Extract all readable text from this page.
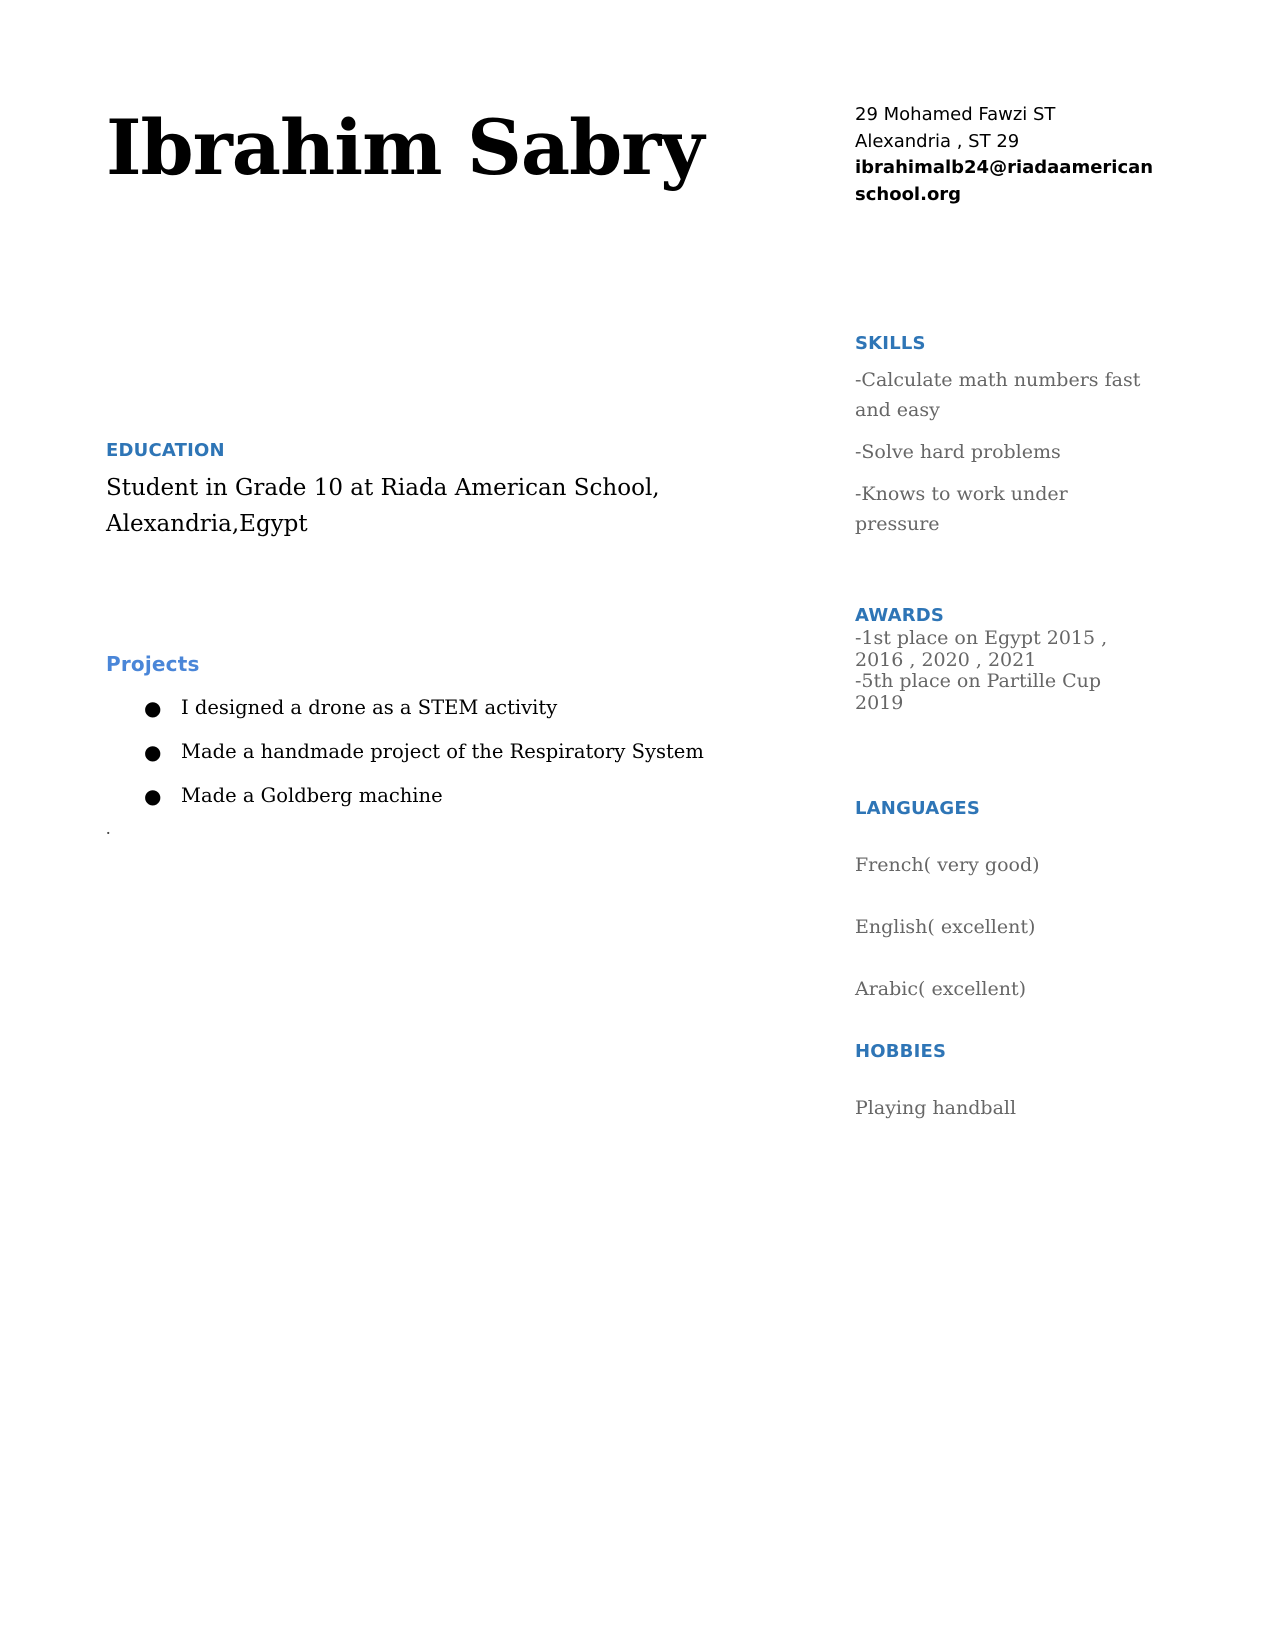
Ibrahim Sabry	29 Mohamed Fawzi ST
Alexandria , ST 29
ibrahimalb24@riadaamerican
school.org
EDUCATION
Student in Grade 10 at Riada American School,
Alexandria,Egypt
Projects
● I designed a drone as a STEM activity
● Made a handmade project of the Respiratory System
● Made a Goldberg machine
.
SKILLS
-Calculate math numbers fast and easy
-Solve hard problems
-Knows to work under pressure
AWARDS
-1st place on Egypt 2015 ,
2016 , 2020 , 2021
-5th place on Partille Cup
2019
LANGUAGES
French( very good)
English( excellent)
Arabic( excellent)
HOBBIES
Playing handball
